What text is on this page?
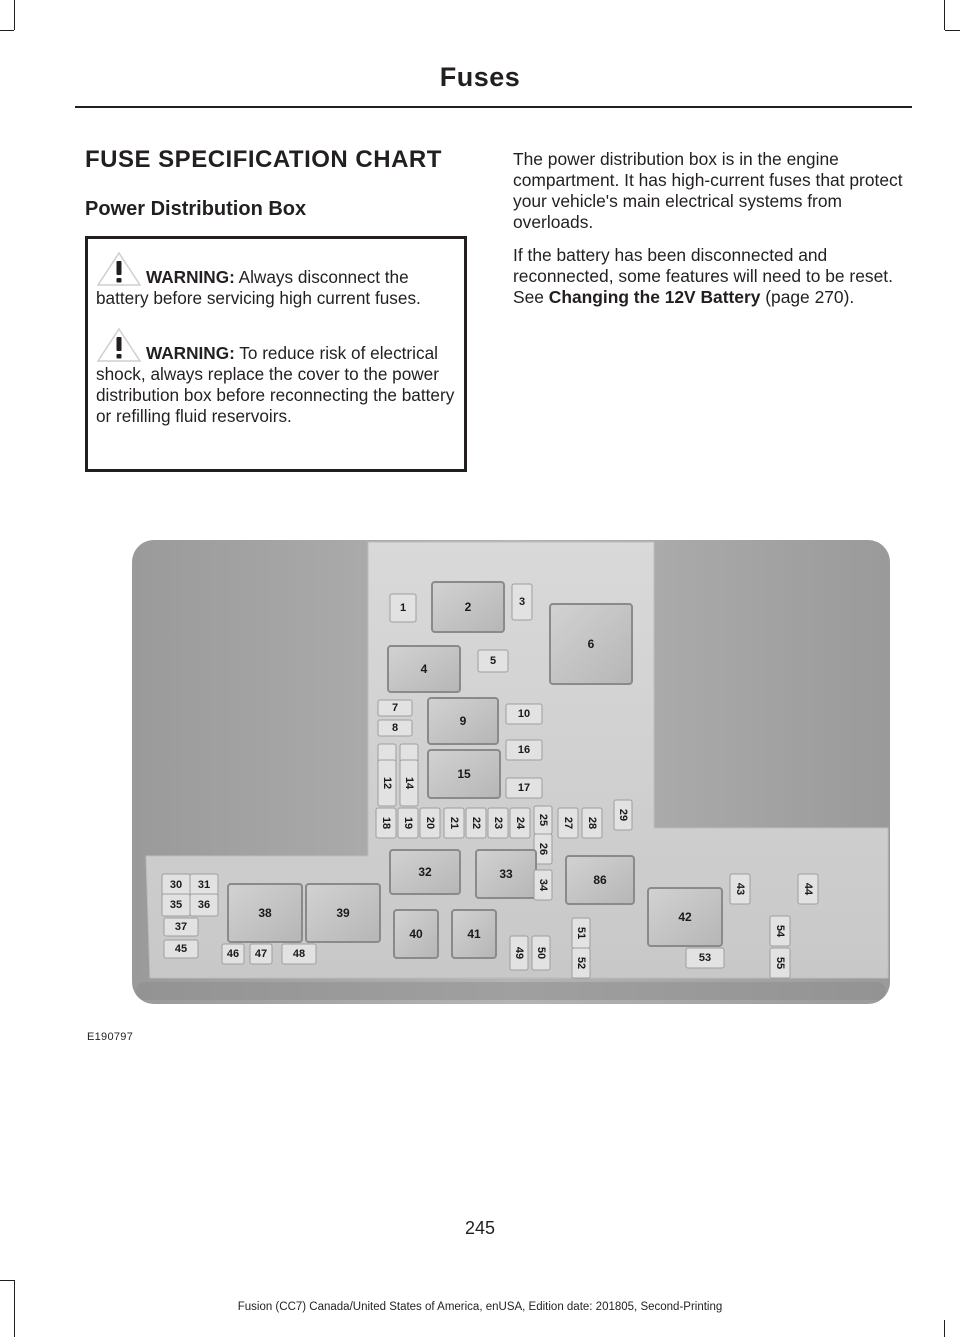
Fuses
FUSE SPECIFICATION CHART
Power Distribution Box

WARNING: Always disconnect the battery before servicing high current fuses.

WARNING: To reduce risk of electrical shock, always replace the cover to the power distribution box before reconnecting the battery or refilling fluid reservoirs.

The power distribution box is in the engine compartment. It has high-current fuses that protect your vehicle's main electrical systems from overloads.

If the battery has been disconnected and reconnected, some features will need to be reset. See Changing the 12V Battery (page 270).

1	2	3
4
5
6
7
8	9	10
12 14
15
16
17
18 19 20 21 22 23 24 25
26
27 28
29
30 31
32	33
34
35 36
37
38	39
40	41
42
43	44
45	46 47 48	49 50
51
52	53
54
55
86
E190797
245
Fusion (CC7) Canada/United States of America, enUSA, Edition date: 201805, Second-Printing
